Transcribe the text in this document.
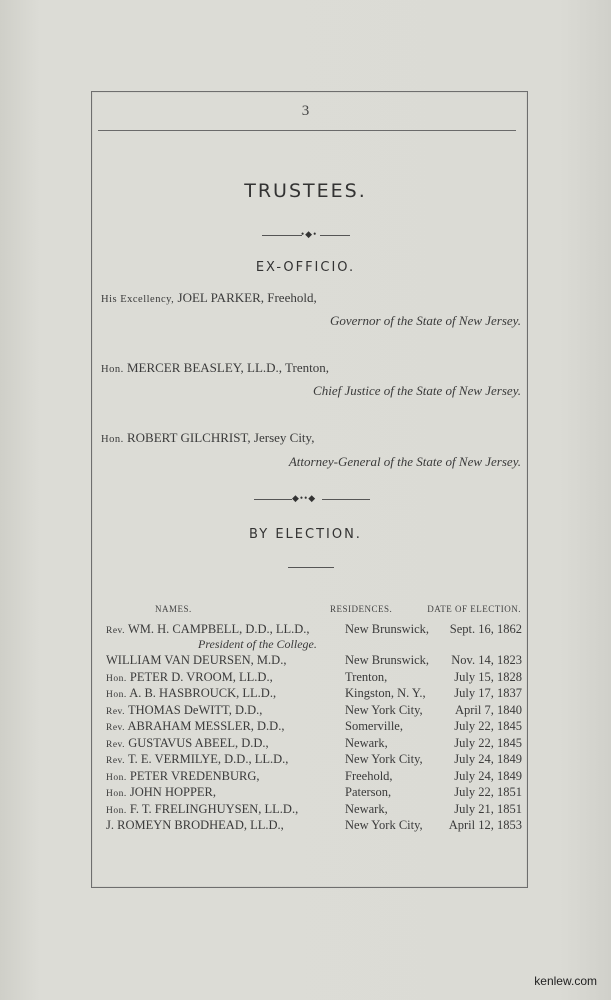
3
TRUSTEES.
•◆•
EX-OFFICIO.
His Excellency, JOEL PARKER, Freehold,
Governor of the State of New Jersey.
Hon. MERCER BEASLEY, LL.D., Trenton,
Chief Justice of the State of New Jersey.
Hon. ROBERT GILCHRIST, Jersey City,
Attorney-General of the State of New Jersey.
◆••◆
BY ELECTION.
NAMES.	RESIDENCES.	DATE OF ELECTION.
Rev. WM. H. CAMPBELL, D.D., LL.D.,	New Brunswick, Sept. 16, 1862
President of the College.
WILLIAM VAN DEURSEN, M.D.,	New Brunswick, Nov. 14, 1823
Hon. PETER D. VROOM, LL.D.,	Trenton,	July 15, 1828
Hon. A. B. HASBROUCK, LL.D.,	Kingston, N. Y., July 17, 1837
Rev. THOMAS DeWITT, D.D.,	New York City,	April 7, 1840
Rev. ABRAHAM MESSLER, D.D.,	Somerville,	July 22, 1845
Rev. GUSTAVUS ABEEL, D.D.,	Newark,	July 22, 1845
Rev. T. E. VERMILYE, D.D., LL.D.,	New York City,	July 24, 1849
Hon. PETER VREDENBURG,	Freehold,	July 24, 1849
Hon. JOHN HOPPER,	Paterson,	July 22, 1851
Hon. F. T. FRELINGHUYSEN, LL.D.,	Newark,	July 21, 1851
J. ROMEYN BRODHEAD, LL.D.,	New York City, April 12, 1853
kenlew.com
